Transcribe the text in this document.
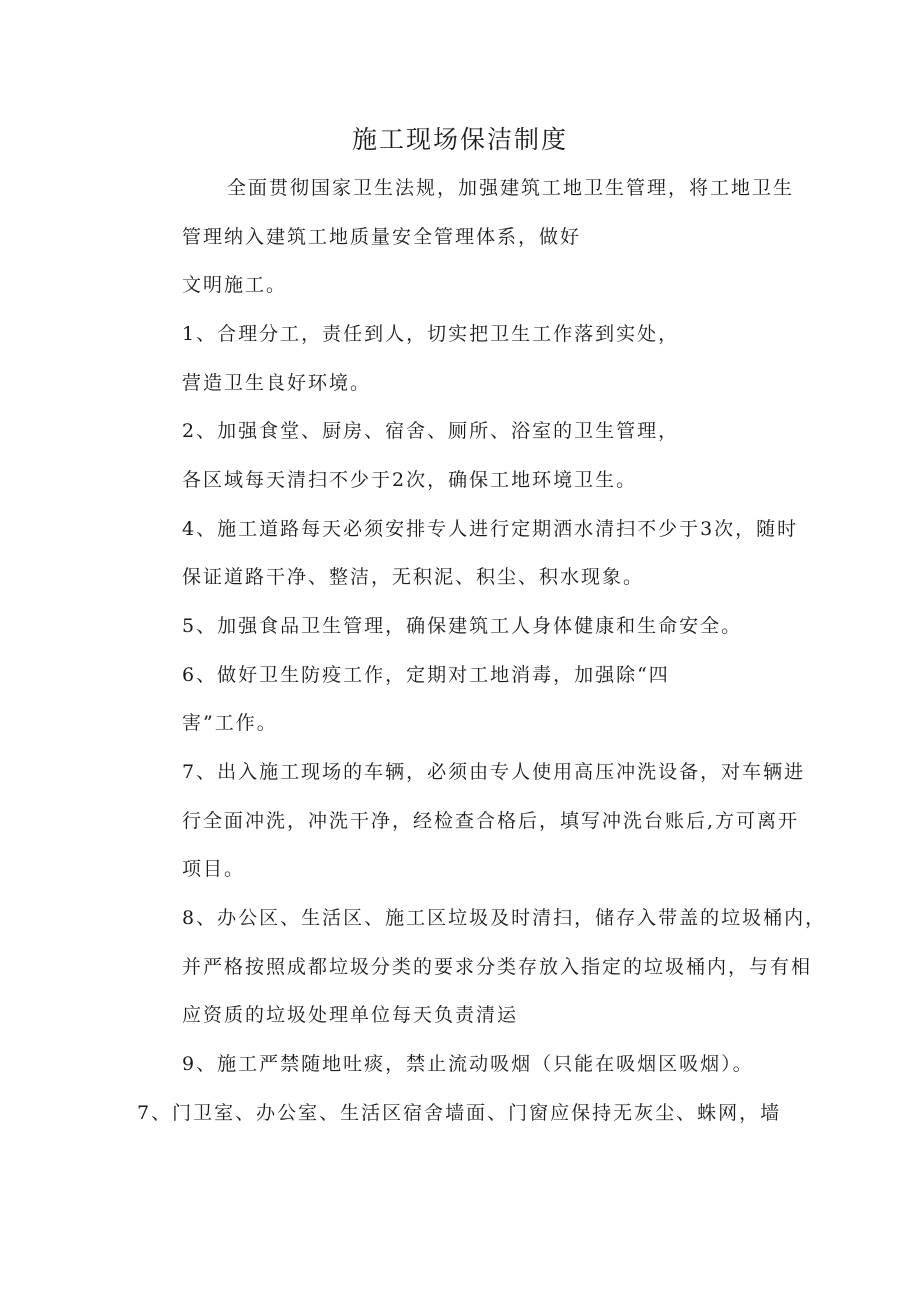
施工现场保洁制度
全面贯彻国家卫生法规，加强建筑工地卫生管理，将工地卫生
管理纳入建筑工地质量安全管理体系，做好
文明施工。
1、合理分工，责任到人，切实把卫生工作落到实处，
营造卫生良好环境。
2、加强食堂、厨房、宿舍、厕所、浴室的卫生管理，
各区域每天清扫不少于2次，确保工地环境卫生。
4、施工道路每天必须安排专人进行定期洒水清扫不少于3次，随时
保证道路干净、整洁，无积泥、积尘、积水现象。
5、加强食品卫生管理，确保建筑工人身体健康和生命安全。
6、做好卫生防疫工作，定期对工地消毒，加强除“四
害”工作。
7、出入施工现场的车辆，必须由专人使用高压冲洗设备，对车辆进
行全面冲洗，冲洗干净，经检查合格后，填写冲洗台账后,方可离开
项目。
8、办公区、生活区、施工区垃圾及时清扫，储存入带盖的垃圾桶内，
并严格按照成都垃圾分类的要求分类存放入指定的垃圾桶内，与有相
应资质的垃圾处理单位每天负责清运
9、施工严禁随地吐痰，禁止流动吸烟（只能在吸烟区吸烟）。
7、门卫室、办公室、生活区宿舍墙面、门窗应保持无灰尘、蛛网，墙
